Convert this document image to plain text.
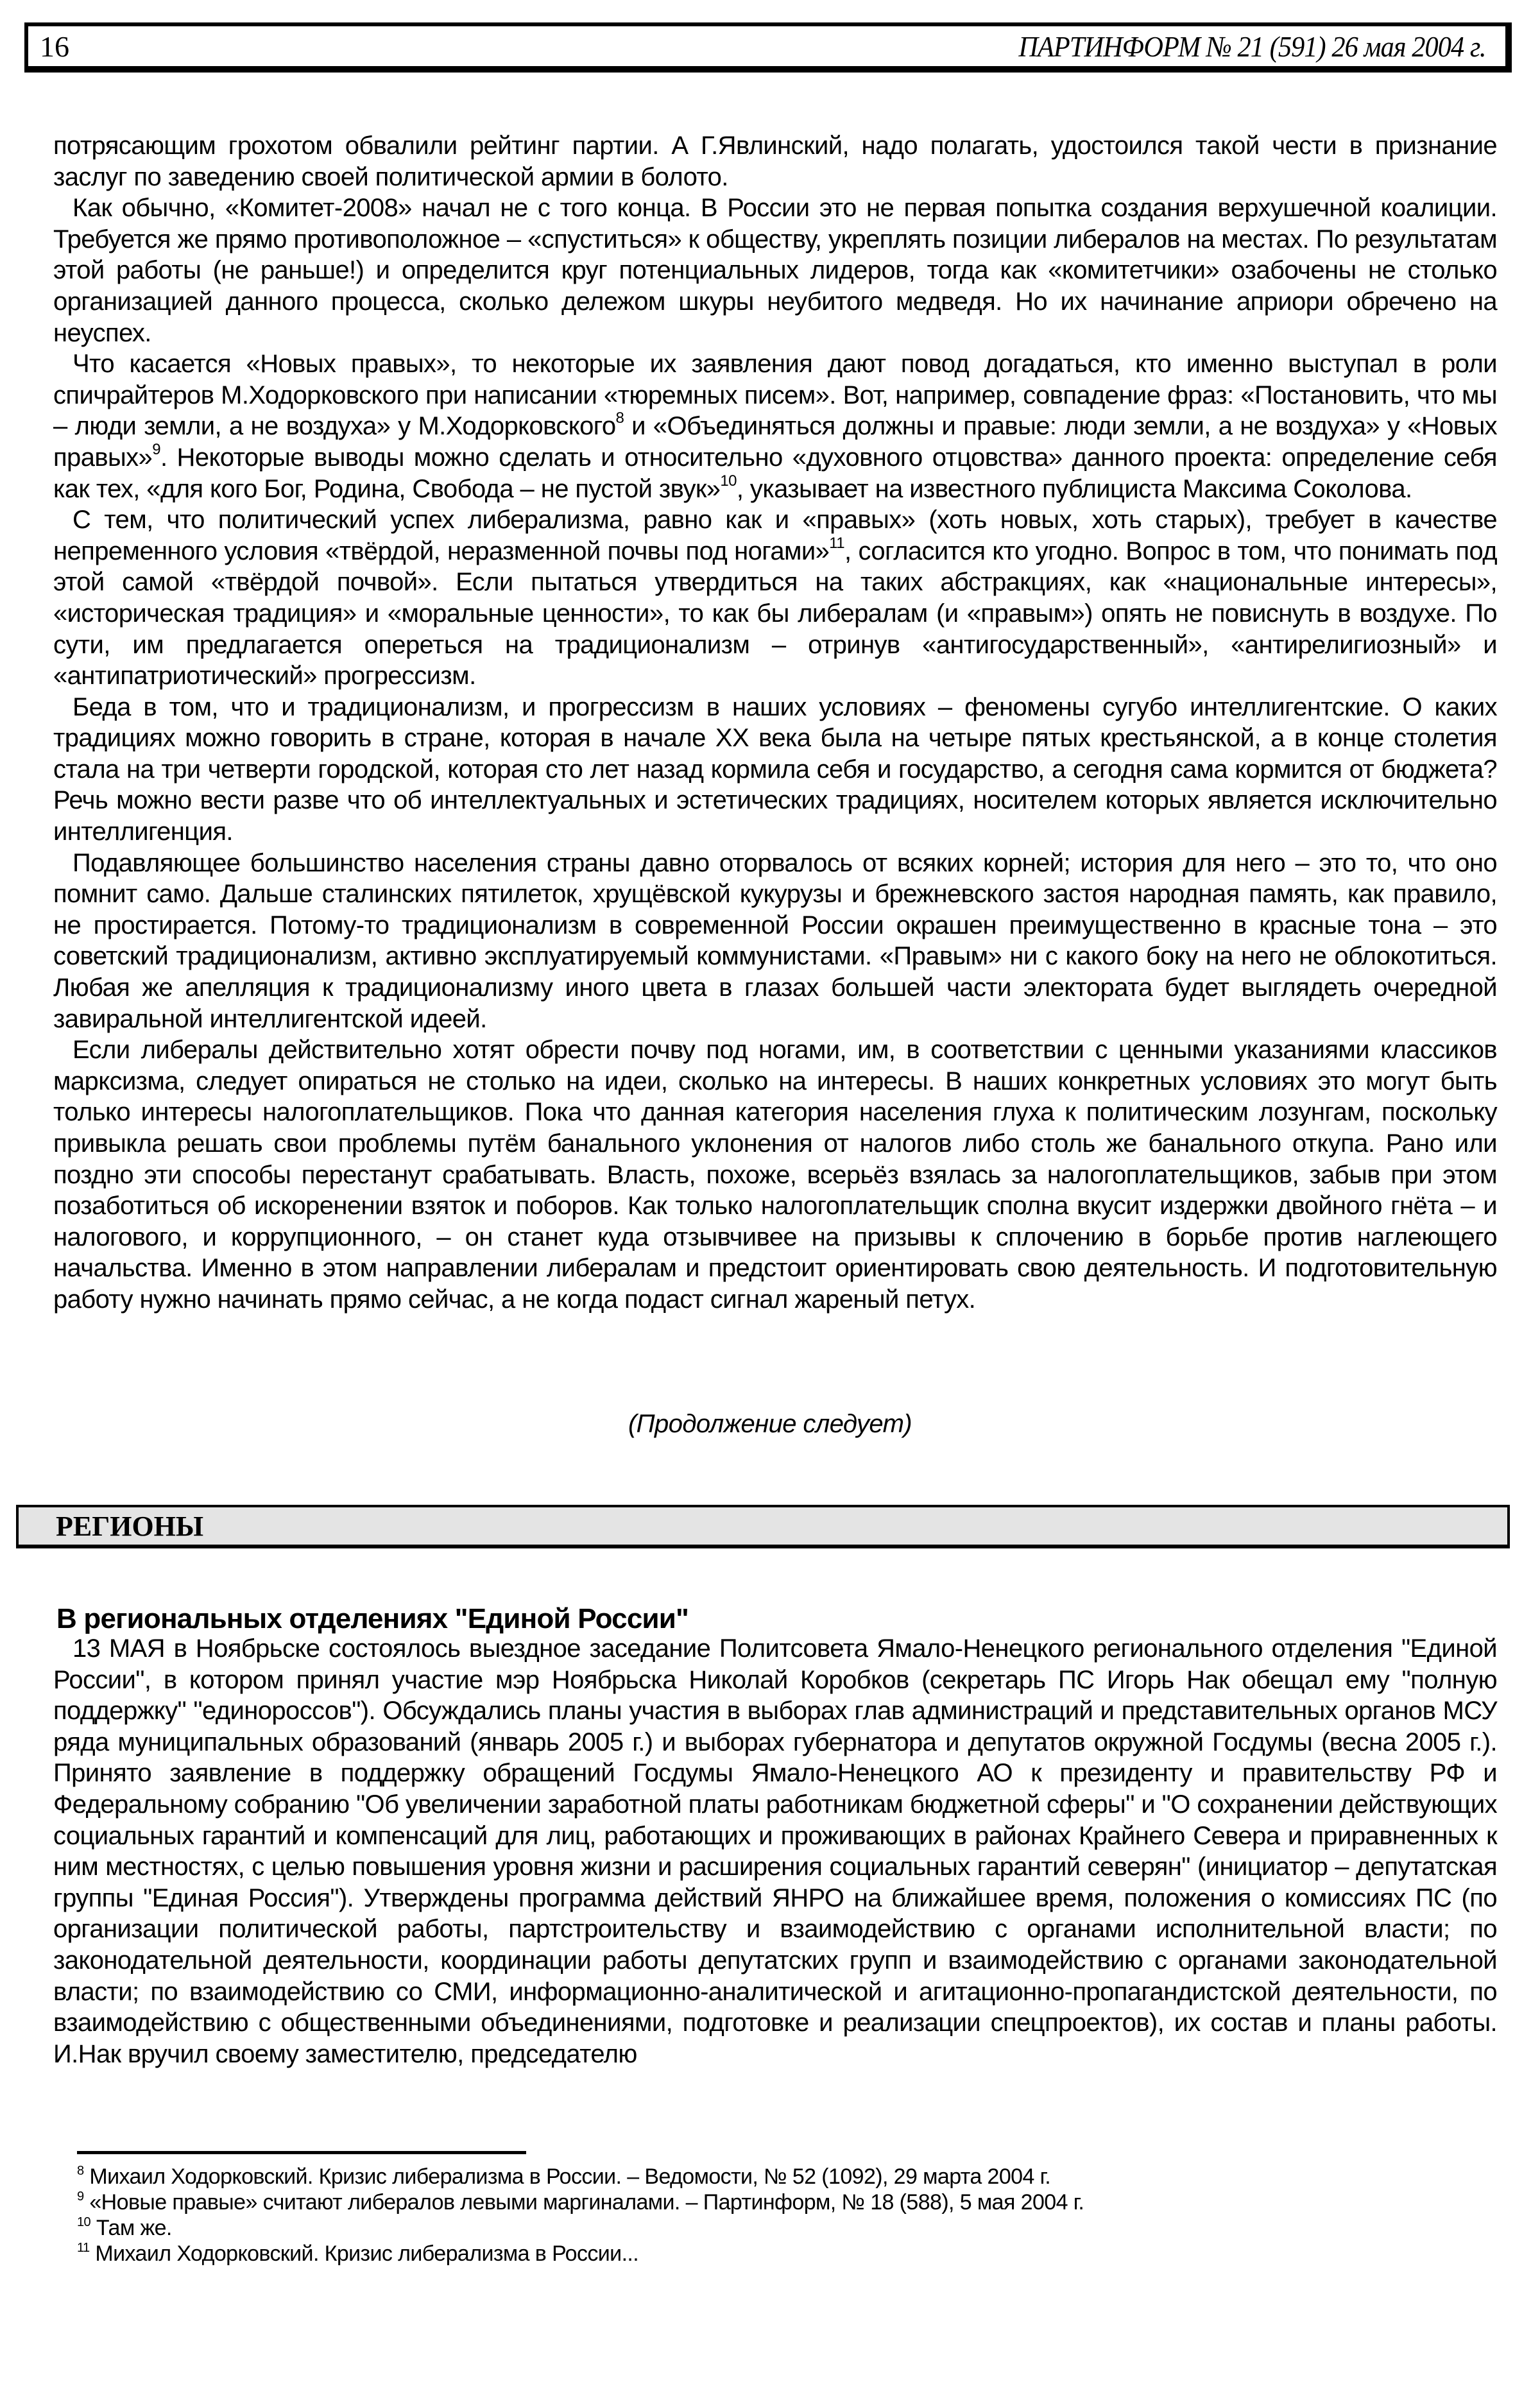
16	ПАРТИНФОРМ № 21 (591) 26 мая 2004 г.

потрясающим грохотом обвалили рейтинг партии. А Г.Явлинский, надо полагать, удостоился такой чести в признание заслуг по заведению своей политической армии в болото.

Как обычно, «Комитет-2008» начал не с того конца. В России это не первая попытка создания верхушечной коалиции. Требуется же прямо противоположное – «спуститься» к обществу, укреплять позиции либералов на местах. По результатам этой работы (не раньше!) и определится круг потенциальных лидеров, тогда как «комитетчики» озабочены не столько организацией данного процесса, сколько дележом шкуры неубитого медведя. Но их начинание априори обречено на неуспех.

Что касается «Новых правых», то некоторые их заявления дают повод догадаться, кто именно выступал в роли спичрайтеров М.Ходорковского при написании «тюремных писем». Вот, например, совпадение фраз: «Постановить, что мы – люди земли, а не воздуха» у М.Ходорковского$^8$ и «Объединяться должны и правые: люди земли, а не воздуха» у «Новых правых»$^9$. Некоторые выводы можно сделать и относительно «духовного отцовства» данного проекта: определение себя как тех, «для кого Бог, Родина, Свобода – не пустой звук»$^{10}$, указывает на известного публициста Максима Соколова.

С тем, что политический успех либерализма, равно как и «правых» (хоть новых, хоть старых), требует в качестве непременного условия «твёрдой, неразменной почвы под ногами»$^{11}$, согласится кто угодно. Вопрос в том, что понимать под этой самой «твёрдой почвой». Если пытаться утвердиться на таких абстракциях, как «национальные интересы», «историческая традиция» и «моральные ценности», то как бы либералам (и «правым») опять не повиснуть в воздухе. По сути, им предлагается опереться на традиционализм – отринув «антигосударственный», «антирелигиозный» и «антипатриотический» прогрессизм.

Беда в том, что и традиционализм, и прогрессизм в наших условиях – феномены сугубо интеллигентские. О каких традициях можно говорить в стране, которая в начале XX века была на четыре пятых крестьянской, а в конце столетия стала на три четверти городской, которая сто лет назад кормила себя и государство, а сегодня сама кормится от бюджета? Речь можно вести разве что об интеллектуальных и эстетических традициях, носителем которых является исключительно интеллигенция.

Подавляющее большинство населения страны давно оторвалось от всяких корней; история для него – это то, что оно помнит само. Дальше сталинских пятилеток, хрущёвской кукурузы и брежневского застоя народная память, как правило, не простирается. Потому-то традиционализм в современной России окрашен преимущественно в красные тона – это советский традиционализм, активно эксплуатируемый коммунистами. «Правым» ни с какого боку на него не облокотиться. Любая же апелляция к традиционализму иного цвета в глазах большей части электората будет выглядеть очередной завиральной интеллигентской идеей.

Если либералы действительно хотят обрести почву под ногами, им, в соответствии с ценными указаниями классиков марксизма, следует опираться не столько на идеи, сколько на интересы. В наших конкретных условиях это могут быть только интересы налогоплательщиков. Пока что данная категория населения глуха к политическим лозунгам, поскольку привыкла решать свои проблемы путём банального уклонения от налогов либо столь же банального откупа. Рано или поздно эти способы перестанут срабатывать. Власть, похоже, всерьёз взялась за налогоплательщиков, забыв при этом позаботиться об искоренении взяток и поборов. Как только налогоплательщик сполна вкусит издержки двойного гнёта – и налогового, и коррупционного, – он станет куда отзывчивее на призывы к сплочению в борьбе против наглеющего начальства. Именно в этом направлении либералам и предстоит ориентировать свою деятельность. И подготовительную работу нужно начинать прямо сейчас, а не когда подаст сигнал жареный петух.

(Продолжение следует)
РЕГИОНЫ
В региональных отделениях "Единой России"

13 МАЯ в Ноябрьске состоялось выездное заседание Политсовета Ямало-Ненецкого регионального отделения "Единой России", в котором принял участие мэр Ноябрьска Николай Коробков (секретарь ПС Игорь Нак обещал ему "полную поддержку" "единороссов"). Обсуждались планы участия в выборах глав администраций и представительных органов МСУ ряда муниципальных образований (январь 2005 г.) и выборах губернатора и депутатов окружной Госдумы (весна 2005 г.). Принято заявление в поддержку обращений Госдумы Ямало-Ненецкого АО к президенту и правительству РФ и Федеральному собранию "Об увеличении заработной платы работникам бюджетной сферы" и "О сохранении действующих социальных гарантий и компенсаций для лиц, работающих и проживающих в районах Крайнего Севера и приравненных к ним местностях, с целью повышения уровня жизни и расширения социальных гарантий северян" (инициатор – депутатская группы "Единая Россия"). Утверждены программа действий ЯНРО на ближайшее время, положения о комиссиях ПС (по организации политической работы, партстроительству и взаимодействию с органами исполнительной власти; по законодательной деятельности, координации работы депутатских групп и взаимодействию с органами законодательной власти; по взаимодействию со СМИ, информационно-аналитической и агитационно-пропагандистской деятельности, по взаимодействию с общественными объединениями, подготовке и реализации спецпроектов), их состав и планы работы. И.Нак вручил своему заместителю, председателю

$^8$ Михаил Ходорковский. Кризис либерализма в России. – Ведомости, № 52 (1092), 29 марта 2004 г.

$^9$ «Новые правые» считают либералов левыми маргиналами. – Партинформ, № 18 (588), 5 мая 2004 г.

$^{10}$ Там же.

$^{11}$ Михаил Ходорковский. Кризис либерализма в России...
